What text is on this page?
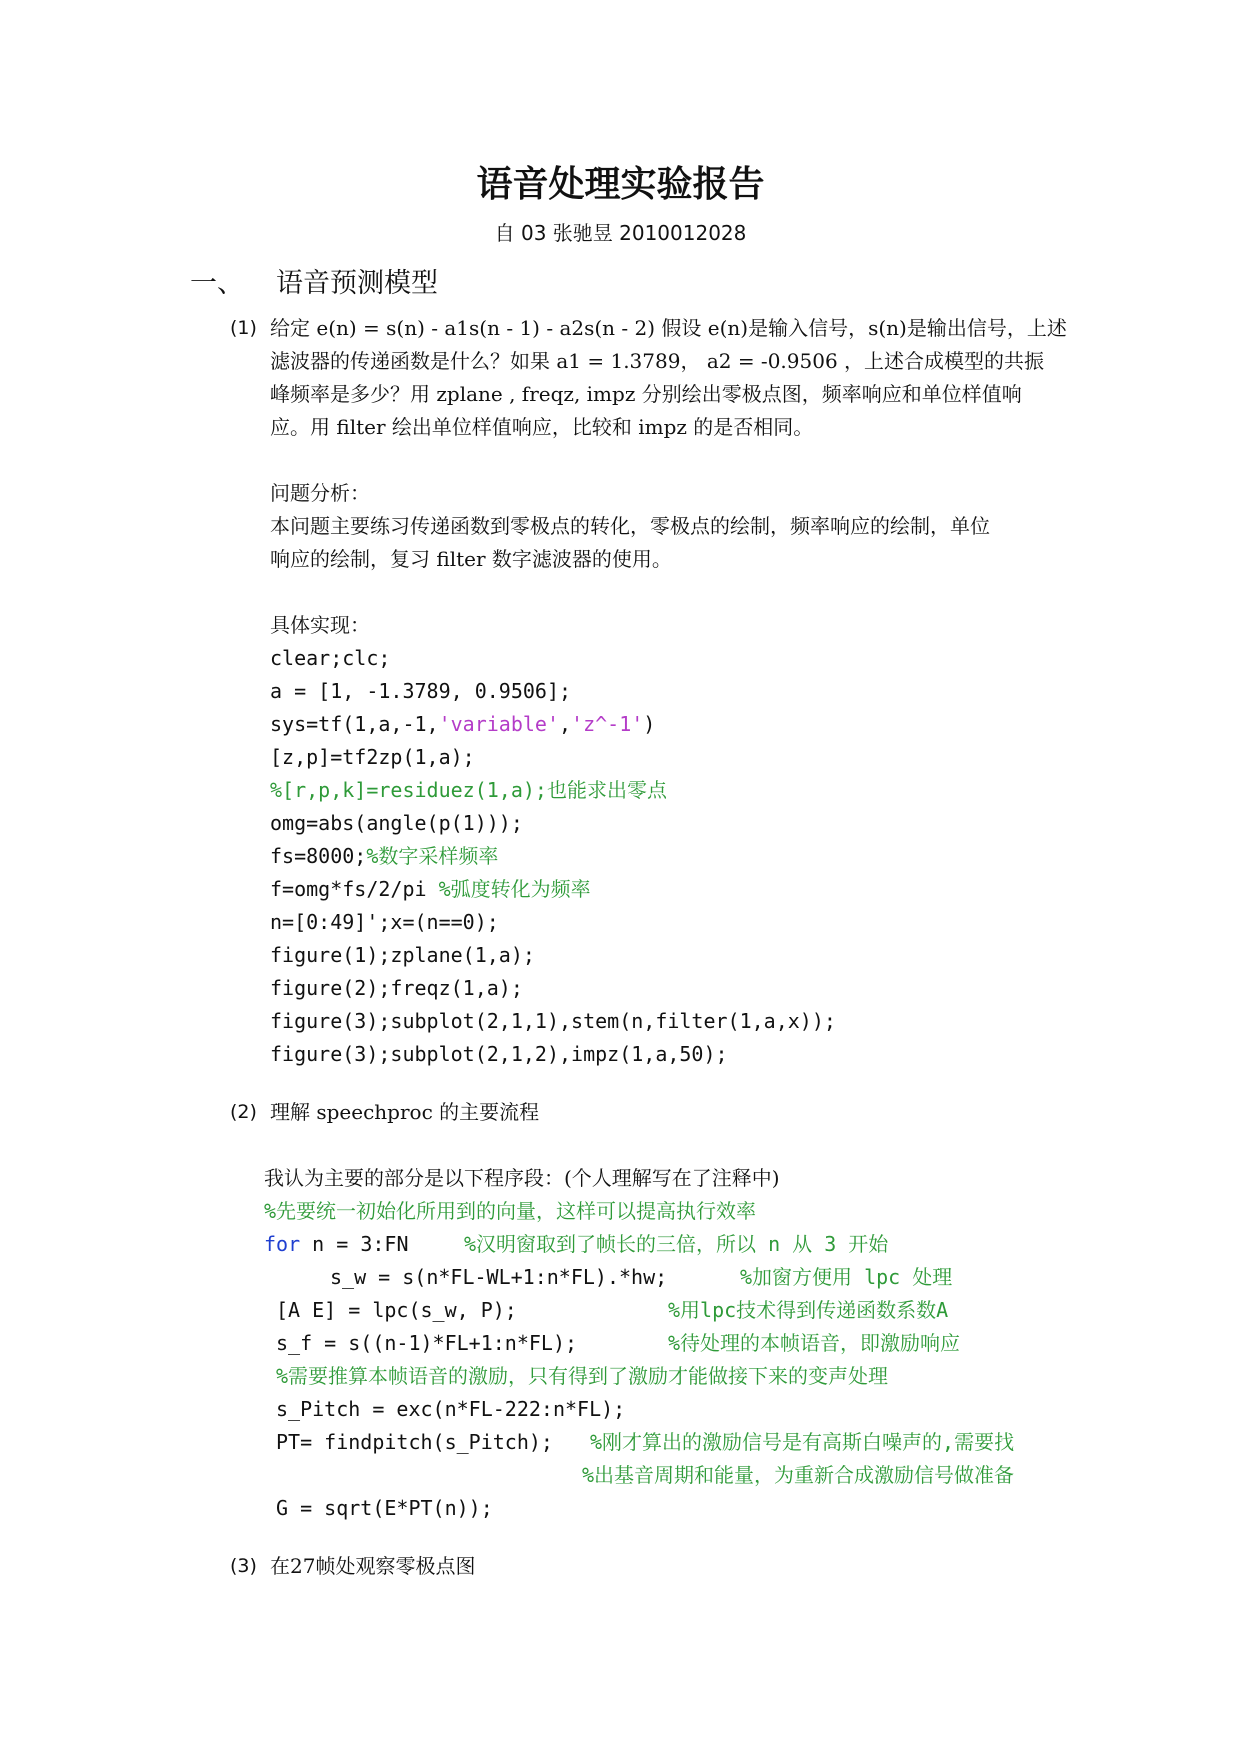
语音处理实验报告
自 03 张驰昱 2010012028
一、 语音预测模型
(1) 给定 e(n) = s(n) - a1s(n - 1) - a2s(n - 2) 假设 e(n)是输入信号，s(n)是输出信号，上述
滤波器的传递函数是什么？如果 a1 = 1.3789， a2 = -0.9506 ，上述合成模型的共振
峰频率是多少？用 zplane , freqz, impz 分别绘出零极点图，频率响应和单位样值响
应。用 filter 绘出单位样值响应，比较和 impz 的是否相同。
问题分析：
本问题主要练习传递函数到零极点的转化，零极点的绘制，频率响应的绘制，单位
响应的绘制，复习 filter 数字滤波器的使用。
具体实现：
clear;clc;
a = [1, -1.3789, 0.9506];
sys=tf(1,a,-1,'variable','z^-1')
[z,p]=tf2zp(1,a);
%[r,p,k]=residuez(1,a);也能求出零点
omg=abs(angle(p(1)));
fs=8000;%数字采样频率
f=omg*fs/2/pi %弧度转化为频率
n=[0:49]';x=(n==0);
figure(1);zplane(1,a);
figure(2);freqz(1,a);
figure(3);subplot(2,1,1),stem(n,filter(1,a,x));
figure(3);subplot(2,1,2),impz(1,a,50);
(2) 理解 speechproc 的主要流程
我认为主要的部分是以下程序段：(个人理解写在了注释中)
%先要统一初始化所用到的向量，这样可以提高执行效率
for n = 3:FN	%汉明窗取到了帧长的三倍，所以 n 从 3 开始
s_w = s(n*FL-WL+1:n*FL).*hw;	%加窗方便用 lpc 处理
[A E] = lpc(s_w, P);	%用lpc技术得到传递函数系数A
s_f = s((n-1)*FL+1:n*FL);	%待处理的本帧语音，即激励响应
%需要推算本帧语音的激励，只有得到了激励才能做接下来的变声处理
s_Pitch = exc(n*FL-222:n*FL);
PT= findpitch(s_Pitch); %刚才算出的激励信号是有高斯白噪声的,需要找
%出基音周期和能量，为重新合成激励信号做准备
G = sqrt(E*PT(n));
(3) 在27帧处观察零极点图
